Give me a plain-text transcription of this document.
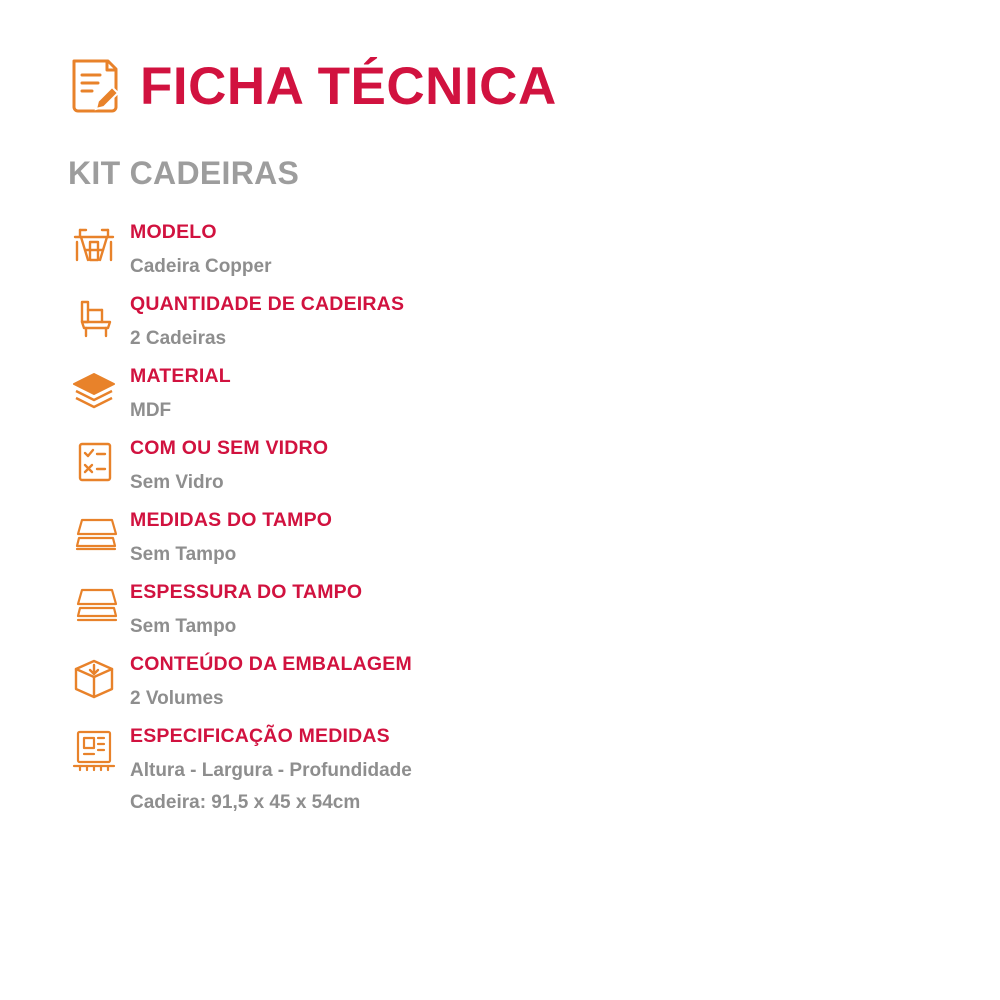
FICHA TÉCNICA
KIT CADEIRAS
MODELO
Cadeira Copper
QUANTIDADE DE CADEIRAS
2 Cadeiras
MATERIAL
MDF
COM OU SEM VIDRO
Sem Vidro
MEDIDAS DO TAMPO
Sem Tampo
ESPESSURA DO TAMPO
Sem Tampo
CONTEÚDO DA EMBALAGEM
2 Volumes
ESPECIFICAÇÃO MEDIDAS
Altura - Largura - Profundidade
Cadeira: 91,5 x 45 x 54cm
